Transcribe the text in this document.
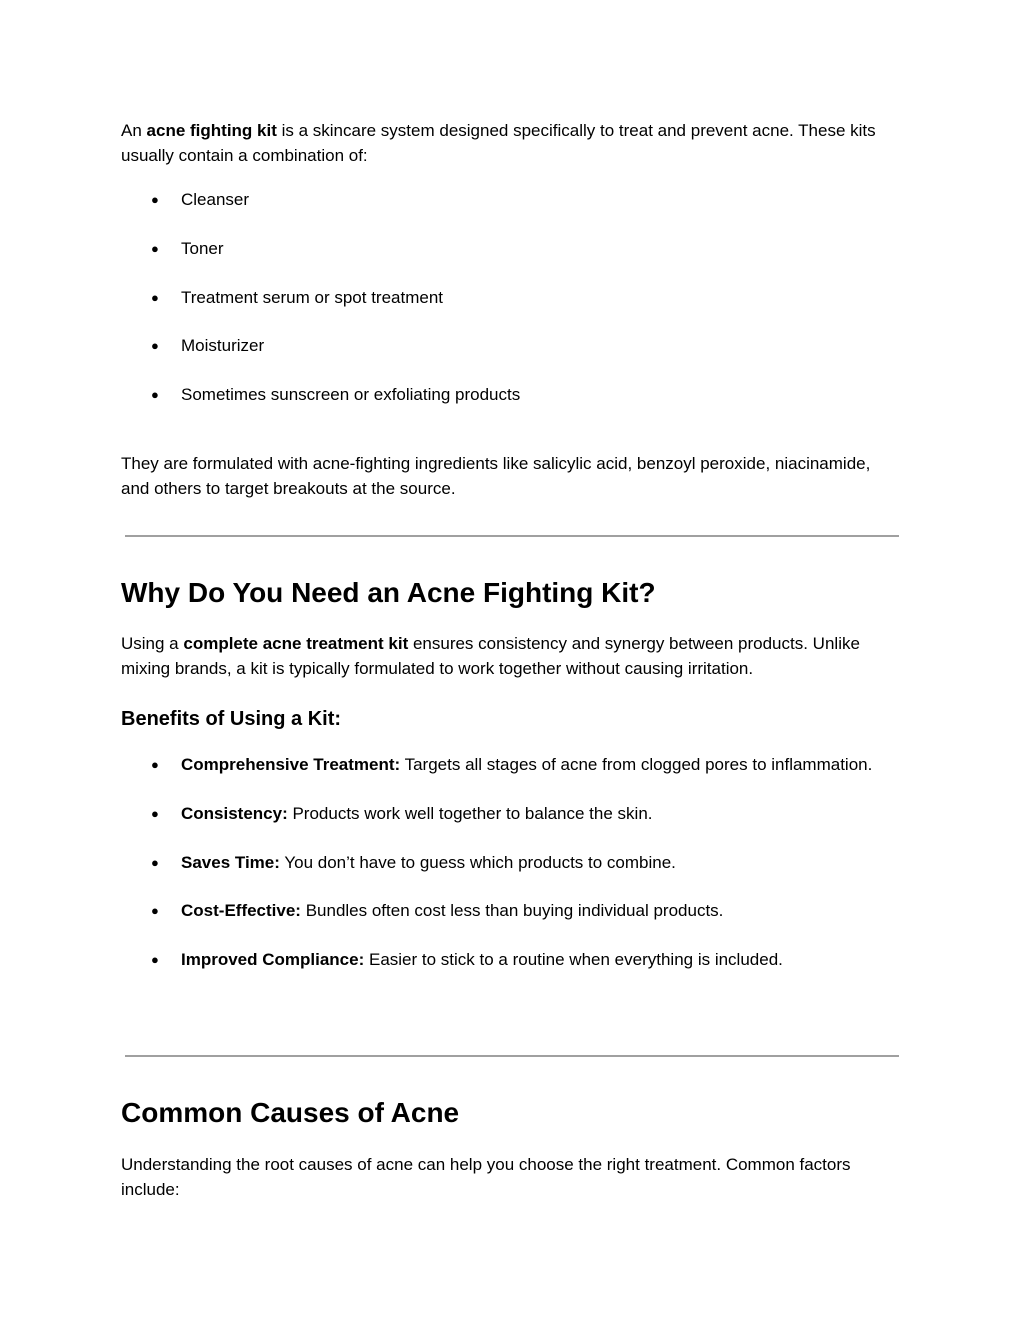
An acne fighting kit is a skincare system designed specifically to treat and prevent acne. These kits usually contain a combination of:

● Cleanser
● Toner
● Treatment serum or spot treatment
● Moisturizer
● Sometimes sunscreen or exfoliating products

They are formulated with acne-fighting ingredients like salicylic acid, benzoyl peroxide, niacinamide, and others to target breakouts at the source.

Why Do You Need an Acne Fighting Kit?

Using a complete acne treatment kit ensures consistency and synergy between products. Unlike mixing brands, a kit is typically formulated to work together without causing irritation.

Benefits of Using a Kit:
● Comprehensive Treatment: Targets all stages of acne from clogged pores to inflammation.
● Consistency: Products work well together to balance the skin.
● Saves Time: You don’t have to guess which products to combine.
● Cost-Effective: Bundles often cost less than buying individual products.
● Improved Compliance: Easier to stick to a routine when everything is included.
Common Causes of Acne

Understanding the root causes of acne can help you choose the right treatment. Common factors include:
